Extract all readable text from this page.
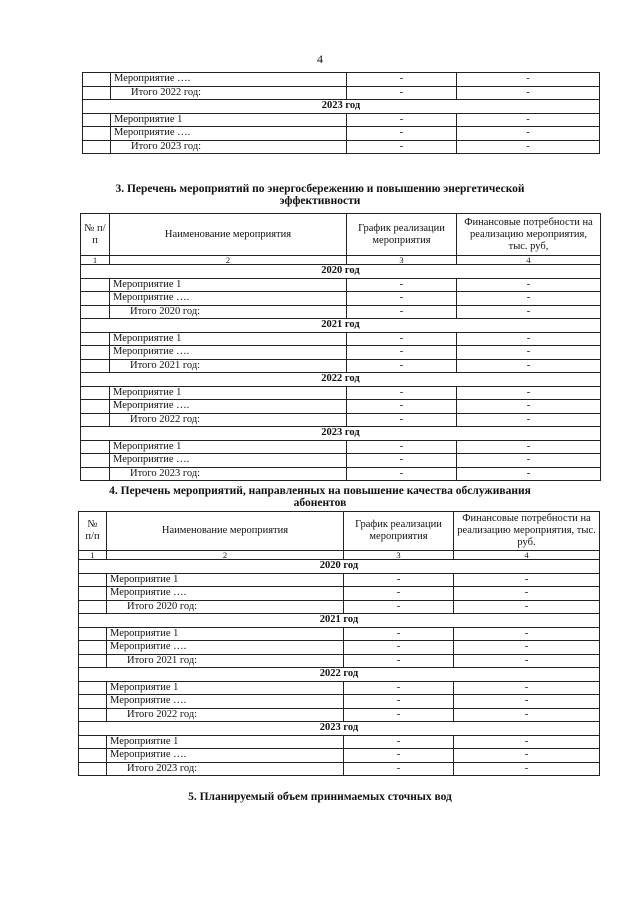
4
	Мероприятие ….	-	-
	Итого 2022 год:	-	-
2023 год			
	Мероприятие 1	-	-
	Мероприятие ….	-	-
	Итого 2023 год:	-	-
3. Перечень мероприятий по энергосбережению и повышению энергетической
эффективности
№ п/п	Наименование мероприятия	График реализации мероприятия	Финансовые потребности на реализацию мероприятия, тыс. руб,
1	2	3	4
2020 год			
	Мероприятие 1	-	-
	Мероприятие ….	-	-
	Итого 2020 год:	-	-
2021 год			
	Мероприятие 1	-	-
	Мероприятие ….	-	-
	Итого 2021 год:	-	-
2022 год			
	Мероприятие 1	-	-
	Мероприятие ….	-	-
	Итого 2022 год:	-	-
2023 год			
	Мероприятие 1	-	-
	Мероприятие ….	-	-
	Итого 2023 год:	-	-
4. Перечень мероприятий, направленных на повышение качества обслуживания
абонентов
№ п/п	Наименование мероприятия	График реализации мероприятия	Финансовые потребности на реализацию мероприятия, тыс. руб.
1	2	3	4
2020 год			
	Мероприятие 1	-	-
	Мероприятие ….	-	-
	Итого 2020 год:	-	-
2021 год			
	Мероприятие 1	-	-
	Мероприятие ….	-	-
	Итого 2021 год:	-	-
2022 год			
	Мероприятие 1	-	-
	Мероприятие ….	-	-
	Итого 2022 год:	-	-
2023 год			
	Мероприятие 1	-	-
	Мероприятие ….	-	-
	Итого 2023 год:	-	-
5. Планируемый объем принимаемых сточных вод
